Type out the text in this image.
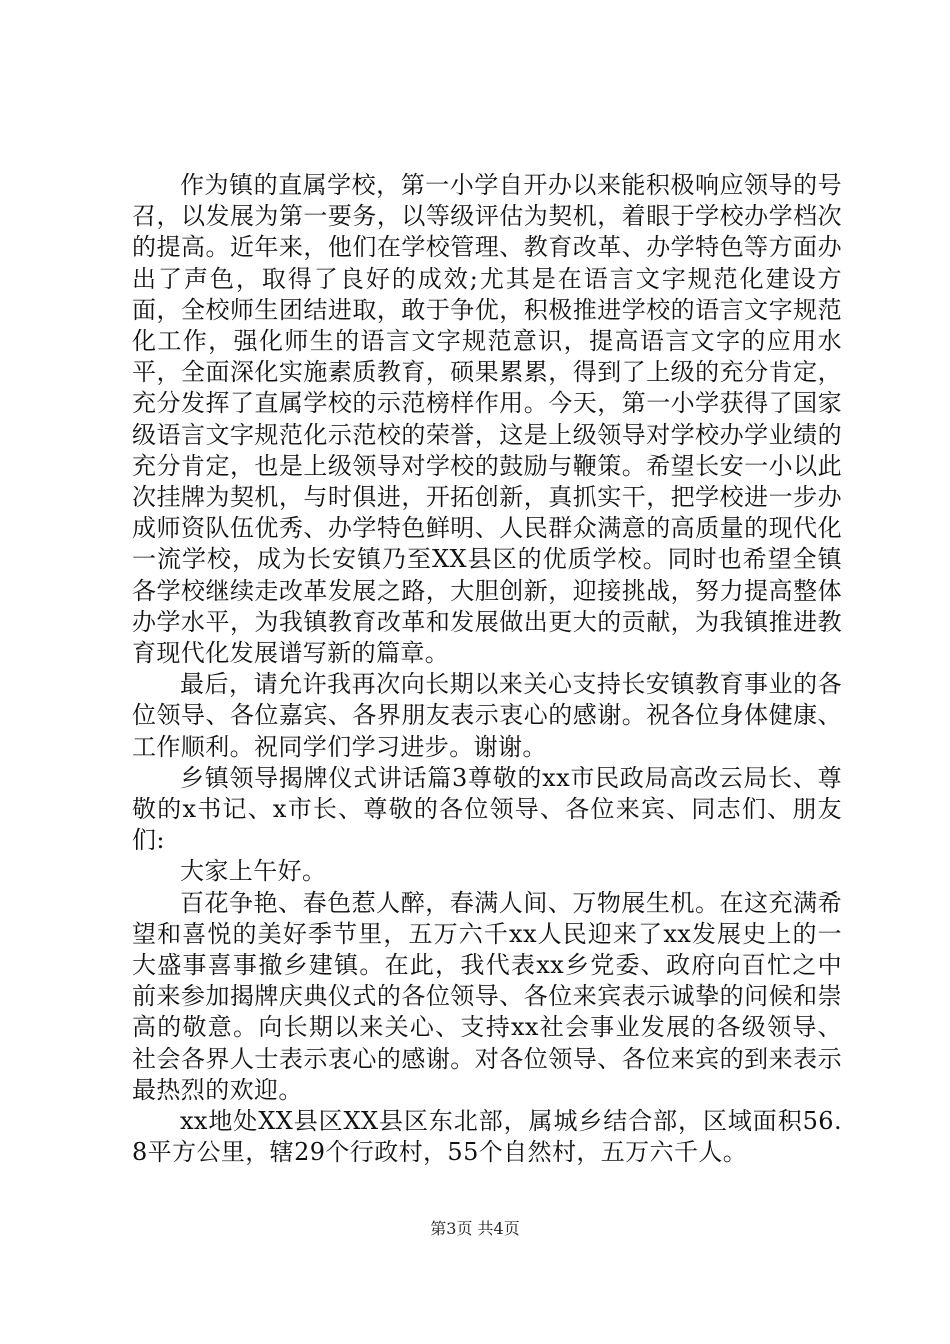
作为镇的直属学校，第一小学自开办以来能积极响应领导的号召，以发展为第一要务，以等级评估为契机，着眼于学校办学档次的提高。近年来，他们在学校管理、教育改革、办学特色等方面办出了声色，取得了良好的成效;尤其是在语言文字规范化建设方面，全校师生团结进取，敢于争优，积极推进学校的语言文字规范化工作，强化师生的语言文字规范意识，提高语言文字的应用水平，全面深化实施素质教育，硕果累累，得到了上级的充分肯定，充分发挥了直属学校的示范榜样作用。今天，第一小学获得了国家级语言文字规范化示范校的荣誉，这是上级领导对学校办学业绩的充分肯定，也是上级领导对学校的鼓励与鞭策。希望长安一小以此次挂牌为契机，与时俱进，开拓创新，真抓实干，把学校进一步办成师资队伍优秀、办学特色鲜明、人民群众满意的高质量的现代化一流学校，成为长安镇乃至XX县区的优质学校。同时也希望全镇各学校继续走改革发展之路，大胆创新，迎接挑战，努力提高整体办学水平，为我镇教育改革和发展做出更大的贡献，为我镇推进教育现代化发展谱写新的篇章。

最后，请允许我再次向长期以来关心支持长安镇教育事业的各位领导、各位嘉宾、各界朋友表示衷心的感谢。祝各位身体健康、工作顺利。祝同学们学习进步。谢谢。

乡镇领导揭牌仪式讲话篇3尊敬的xx市民政局高改云局长、尊敬的x书记、x市长、尊敬的各位领导、各位来宾、同志们、朋友们:

大家上午好。

百花争艳、春色惹人醉，春满人间、万物展生机。在这充满希望和喜悦的美好季节里，五万六千xx人民迎来了xx发展史上的一大盛事喜事撤乡建镇。在此，我代表xx乡党委、政府向百忙之中前来参加揭牌庆典仪式的各位领导、各位来宾表示诚挚的问候和崇高的敬意。向长期以来关心、支持xx社会事业发展的各级领导、社会各界人士表示衷心的感谢。对各位领导、各位来宾的到来表示最热烈的欢迎。

xx地处XX县区XX县区东北部，属城乡结合部，区域面积56.8平方公里，辖29个行政村，55个自然村，五万六千人。

第3页 共4页
